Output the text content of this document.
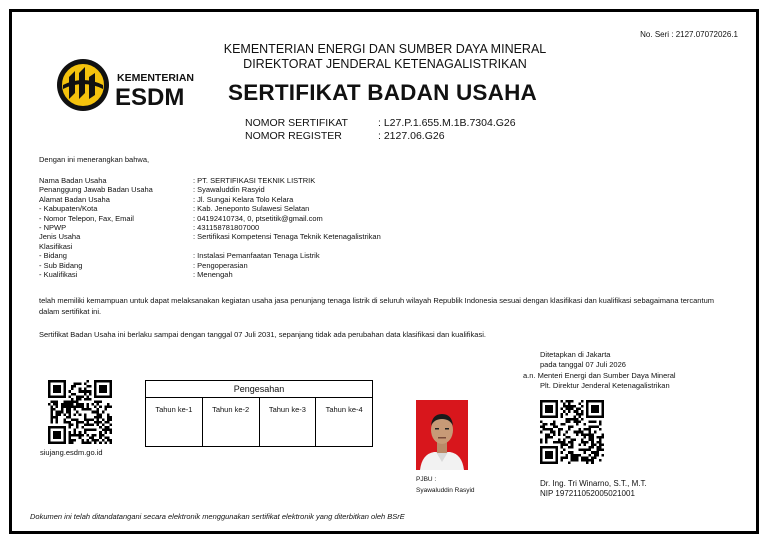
No. Seri : 2127.07072026.1
KEMENTERIAN
ESDM
KEMENTERIAN ENERGI DAN SUMBER DAYA MINERAL
DIREKTORAT JENDERAL KETENAGALISTRIKAN
SERTIFIKAT BADAN USAHA
NOMOR SERTIFIKAT	: L27.P.1.655.M.1B.7304.G26
NOMOR REGISTER	: 2127.06.G26
Dengan ini menerangkan bahwa,
Nama Badan Usaha	: PT. SERTIFIKASI TEKNIK LISTRIK
Penanggung Jawab Badan Usaha	: Syawaluddin Rasyid
Alamat Badan Usaha	: Jl. Sungai Kelara Tolo Kelara
- Kabupaten/Kota	: Kab. Jeneponto Sulawesi Selatan
- Nomor Telepon, Fax, Email	: 04192410734, 0, ptsetitik@gmail.com
- NPWP	: 431158781807000
Jenis Usaha	: Sertifikasi Kompetensi Tenaga Teknik Ketenagalistrikan
Klasifikasi
- Bidang	: Instalasi Pemanfaatan Tenaga Listrik
- Sub Bidang	: Pengoperasian
- Kualifikasi	: Menengah
telah memiliki kemampuan untuk dapat melaksanakan kegiatan usaha jasa penunjang tenaga listrik di seluruh wilayah Republik Indonesia sesuai dengan klasifikasi dan kualifikasi sebagaimana tercantum dalam sertifikat ini.
Sertifikat Badan Usaha ini berlaku sampai dengan tanggal 07 Juli 2031, sepanjang tidak ada perubahan data klasifikasi dan kualifikasi.
Ditetapkan di Jakarta
pada tanggal 07 Juli 2026
a.n. Menteri Energi dan Sumber Daya Mineral
Plt. Direktur Jenderal Ketenagalistrikan
siujang.esdm.go.id
Pengesahan
Tahun ke-1	Tahun ke-2	Tahun ke-3	Tahun ke-4
PJBU :
Syawaluddin Rasyid
Dr. Ing. Tri Winarno, S.T., M.T.
NIP 197211052005021001
Dokumen ini telah ditandatangani secara elektronik menggunakan sertifikat elektronik yang diterbitkan oleh BSrE
